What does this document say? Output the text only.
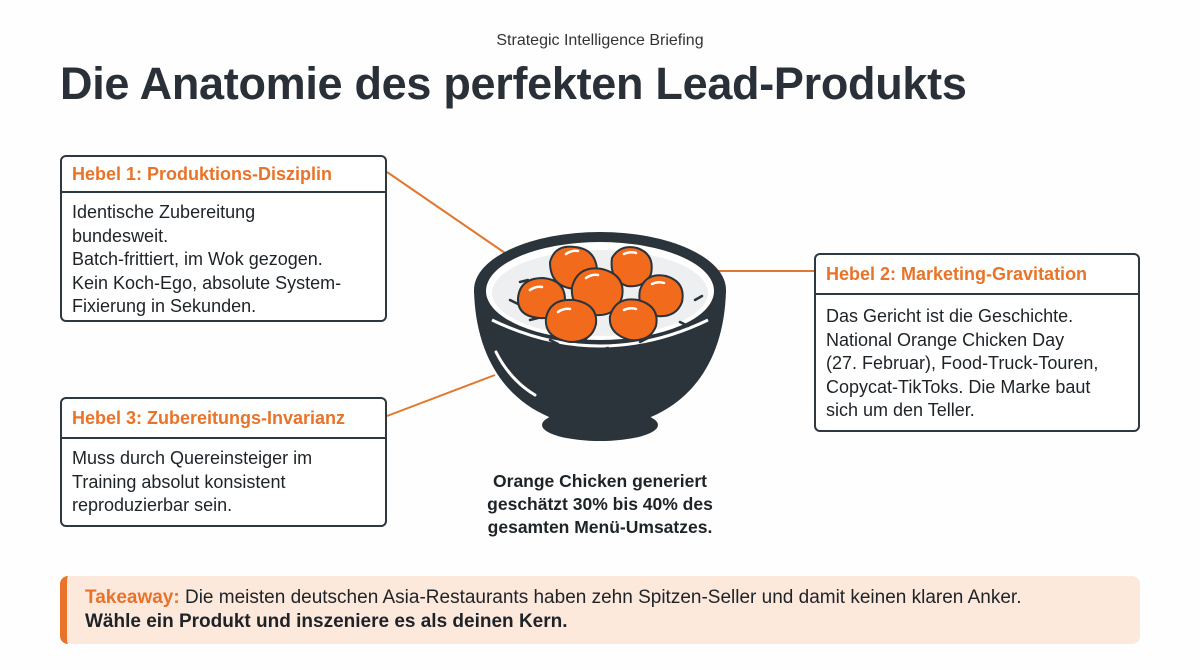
Strategic Intelligence Briefing
Die Anatomie des perfekten Lead-Produkts
Hebel 1: Produktions-Disziplin
Identische Zubereitung
bundesweit.
Batch-frittiert, im Wok gezogen.
Kein Koch-Ego, absolute System-
Fixierung in Sekunden.
Hebel 2: Marketing-Gravitation
Das Gericht ist die Geschichte.
National Orange Chicken Day
(27. Februar), Food-Truck-Touren,
Copycat-TikToks. Die Marke baut
sich um den Teller.
Hebel 3: Zubereitungs-Invarianz
Muss durch Quereinsteiger im
Training absolut konsistent
reproduzierbar sein.
Orange Chicken generiert
geschätzt 30% bis 40% des
gesamten Menü-Umsatzes.
Takeaway: Die meisten deutschen Asia-Restaurants haben zehn Spitzen-Seller und damit keinen klaren Anker.
Wähle ein Produkt und inszeniere es als deinen Kern.
